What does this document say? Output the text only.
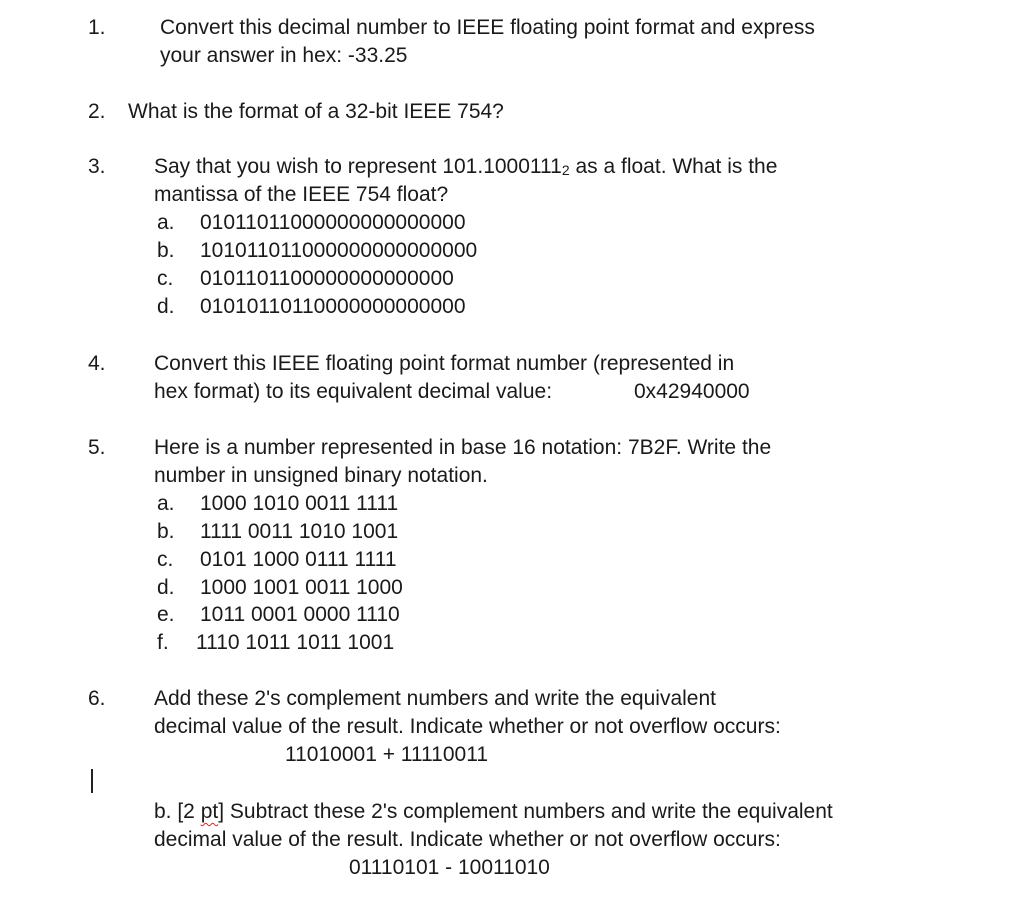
1.	Convert this decimal number to IEEE floating point format and express
your answer in hex: -33.25
2. What is the format of a 32-bit IEEE 754?
3. Say that you wish to represent $101.1000111_2$ as a float. What is the
mantissa of the IEEE 754 float?
a. 01011011000000000000000
b. 101011011000000000000000
c. 0101101100000000000000
d. 01010110110000000000000
4. Convert this IEEE floating point format number (represented in
hex format) to its equivalent decimal value:	0x42940000
5. Here is a number represented in base 16 notation: 7B2F. Write the
number in unsigned binary notation.
a. 1000 1010 0011 1111
b. 1111 0011 1010 1001
c. 0101 1000 0111 1111
d. 1000 1001 0011 1000
e. 1011 0001 0000 1110
f. 1110 1011 1011 1001
6. Add these 2's complement numbers and write the equivalent
decimal value of the result. Indicate whether or not overflow occurs:
11010001 + 11110011
b. [2 pt] Subtract these 2's complement numbers and write the equivalent
decimal value of the result. Indicate whether or not overflow occurs:
01110101 - 10011010
